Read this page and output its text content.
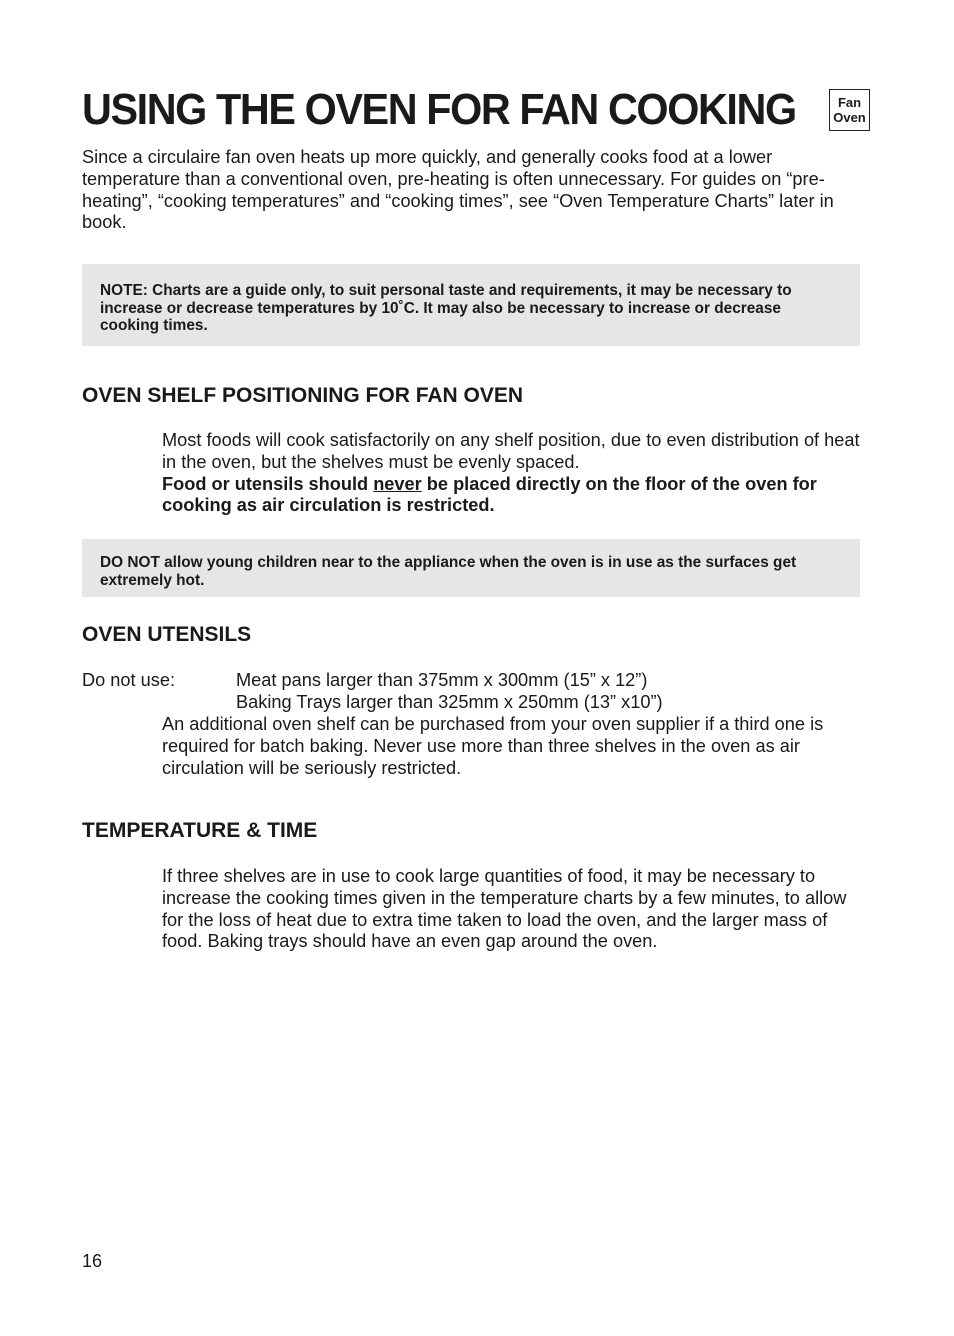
USING THE OVEN FOR FAN COOKING	Fan
Oven

Since a circulaire fan oven heats up more quickly, and generally cooks food at a lower temperature than a conventional oven, pre-heating is often unnecessary. For guides on “pre-heating”, “cooking temperatures” and “cooking times”, see “Oven Temperature Charts” later in book.

NOTE: Charts are a guide only, to suit personal taste and requirements, it may be necessary to increase or decrease temperatures by 10˚C. It may also be necessary to increase or decrease cooking times.
OVEN SHELF POSITIONING FOR FAN OVEN

Most foods will cook satisfactorily on any shelf position, due to even distribution of heat in the oven, but the shelves must be evenly spaced.

Food or utensils should never be placed directly on the floor of the oven for cooking as air circulation is restricted.

DO NOT allow young children near to the appliance when the oven is in use as the surfaces get extremely hot.
OVEN UTENSILS
Do not use:	Meat pans larger than 375mm x 300mm (15” x 12”)
Baking Trays larger than 325mm x 250mm (13” x10”)

An additional oven shelf can be purchased from your oven supplier if a third one is required for batch baking. Never use more than three shelves in the oven as air circulation will be seriously restricted.

TEMPERATURE & TIME

If three shelves are in use to cook large quantities of food, it may be necessary to increase the cooking times given in the temperature charts by a few minutes, to allow for the loss of heat due to extra time taken to load the oven, and the larger mass of food. Baking trays should have an even gap around the oven.

16
